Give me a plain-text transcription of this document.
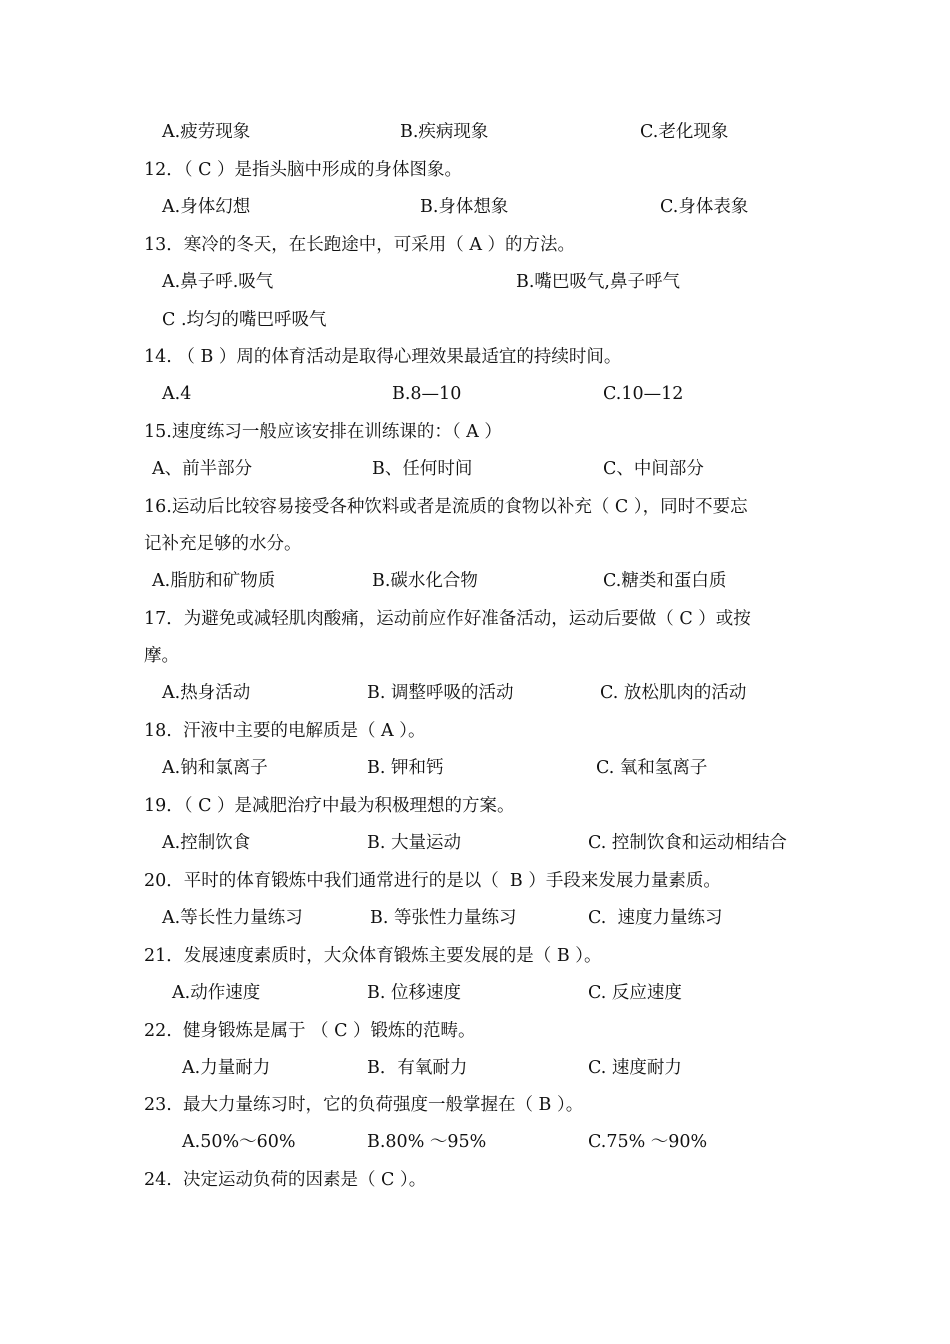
A.疲劳现象	B.疾病现象	C.老化现象
12．（ C ）是指头脑中形成的身体图象。
A.身体幻想	B.身体想象	C.身体表象
13．寒冷的冬天，在长跑途中，可采用（ A ）的方法。
A.鼻子呼.吸气	B.嘴巴吸气,鼻子呼气
C .均匀的嘴巴呼吸气
14. （ B ）周的体育活动是取得心理效果最适宜的持续时间。
A.4	B.8—10	C.10—12
15.速度练习一般应该安排在训练课的：（ A ）
A、前半部分	B、任何时间	C、中间部分
16.运动后比较容易接受各种饮料或者是流质的食物以补充（ C ），同时不要忘
记补充足够的水分。
A.脂肪和矿物质	B.碳水化合物	C.糖类和蛋白质
17．为避免或减轻肌肉酸痛，运动前应作好准备活动，运动后要做（ C ）或按
摩。
A.热身活动	B. 调整呼吸的活动	C. 放松肌肉的活动
18.  汗液中主要的电解质是（ A ）。
A.钠和氯离子	B. 钾和钙	C. 氧和氢离子
19．（ C ）是减肥治疗中最为积极理想的方案。
A.控制饮食	B. 大量运动	C. 控制饮食和运动相结合
20．平时的体育锻炼中我们通常进行的是以（  B ）手段来发展力量素质。
A.等长性力量练习	B. 等张性力量练习	C.  速度力量练习
21．发展速度素质时，大众体育锻炼主要发展的是（ B ）。
A.动作速度	B. 位移速度	C. 反应速度
22.  健身锻炼是属于 （ C ）锻炼的范畴。
A.力量耐力	B．有氧耐力	C. 速度耐力
23.  最大力量练习时，它的负荷强度一般掌握在（ B ）。
A.50%～60%	B.80% ～95%	C.75% ～90%
24.  决定运动负荷的因素是（ C ）。
